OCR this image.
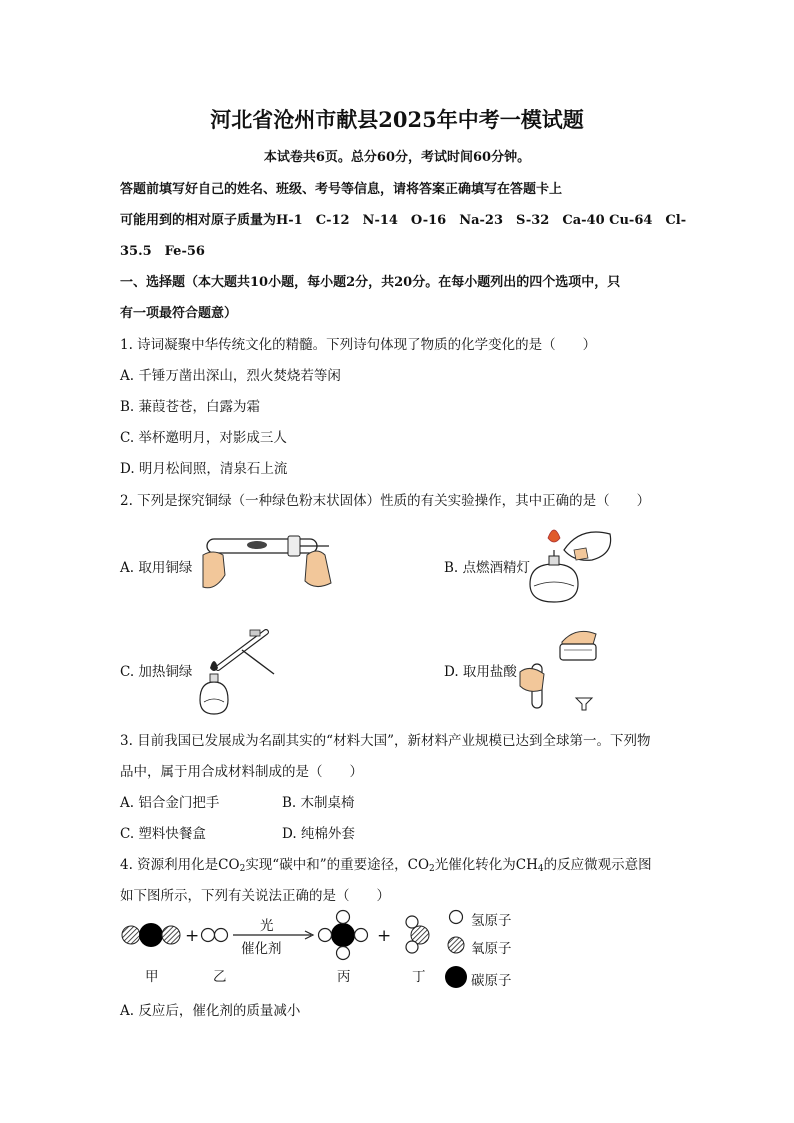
河北省沧州市献县2025年中考一模试题
本试卷共6页。总分60分，考试时间60分钟。
答题前填写好自己的姓名、班级、考号等信息，请将答案正确填写在答题卡上
可能用到的相对原子质量为H-1　C-12　N-14　O-16　Na-23　S-32　Ca-40 Cu-64　Cl-
35.5　Fe-56
一、选择题（本大题共10小题，每小题2分，共20分。在每小题列出的四个选项中，只
有一项最符合题意）
1. 诗词凝聚中华传统文化的精髓。下列诗句体现了物质的化学变化的是（　　）
A. 千锤万凿出深山，烈火焚烧若等闲
B. 蒹葭苍苍，白露为霜
C. 举杯邀明月，对影成三人
D. 明月松间照，清泉石上流
2. 下列是探究铜绿（一种绿色粉末状固体）性质的有关实验操作，其中正确的是（　　）
A. 取用铜绿	B. 点燃酒精灯
C. 加热铜绿	D. 取用盐酸
3. 目前我国已发展成为名副其实的“材料大国”，新材料产业规模已达到全球第一。下列物
品中，属于用合成材料制成的是（　　）
A. 铝合金门把手	B. 木制桌椅
C. 塑料快餐盒	D. 纯棉外套
4. 资源利用化是$CO_2$实现“碳中和”的重要途径，$CO_2$光催化转化为$CH_4$的反应微观示意图
如下图所示，下列有关说法正确的是（　　）
+	光
催化剂
+
甲	乙	丙	丁
氢原子
氧原子
碳原子
A. 反应后，催化剂的质量减小
